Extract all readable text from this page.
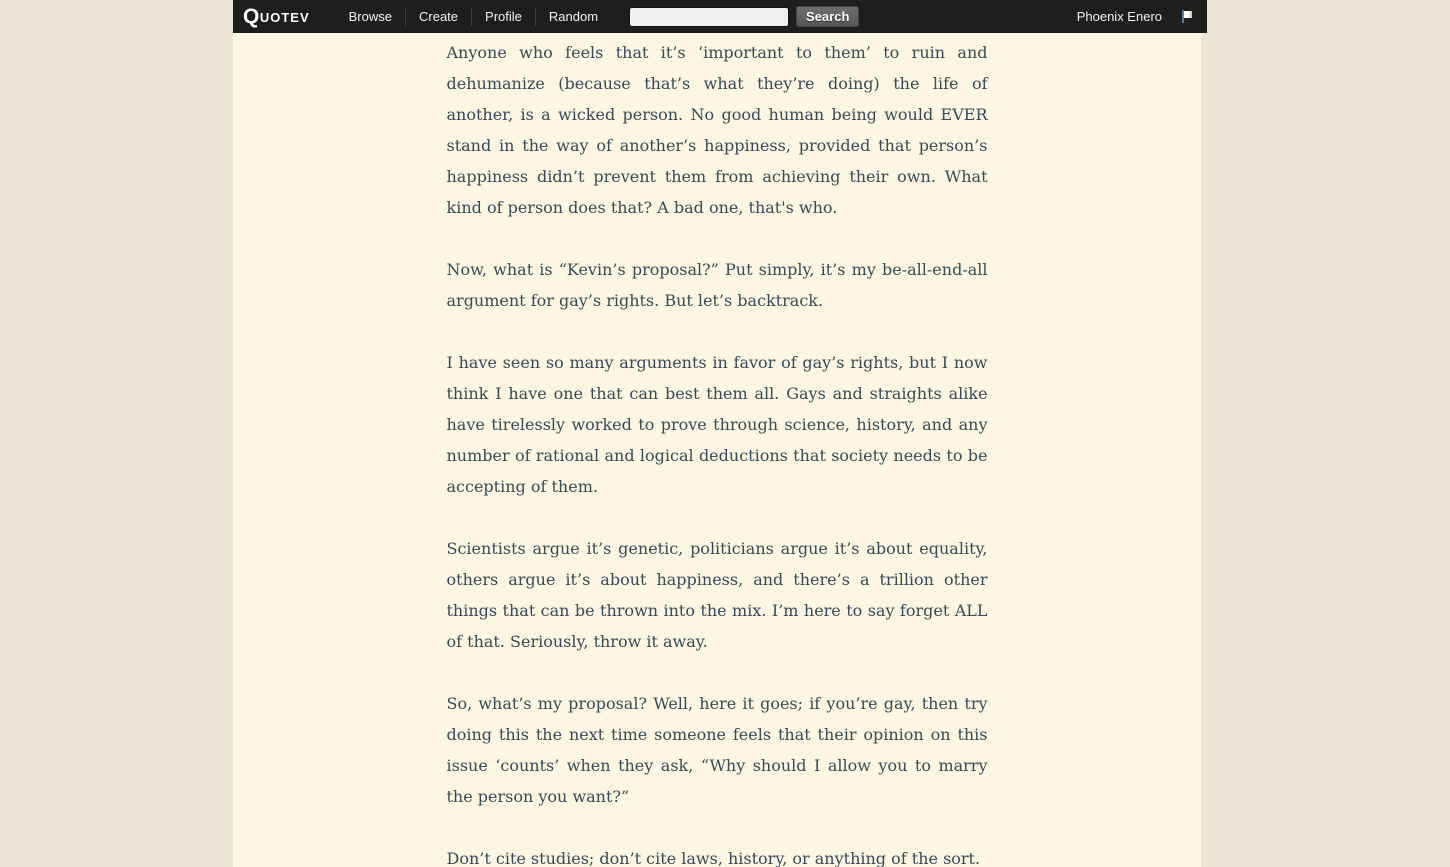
QUOTEV	Browse	Create	Profile	Random	Search	Phoenix Enero

Anyone who feels that it’s ‘important to them’ to ruin and dehumanize (because that’s what they’re doing) the life of another, is a wicked person. No good human being would EVER stand in the way of another’s happiness, provided that person’s happiness didn’t prevent them from achieving their own. What kind of person does that? A bad one, that's who.

Now, what is “Kevin’s proposal?” Put simply, it’s my be-all-end-all argument for gay’s rights. But let’s backtrack.

I have seen so many arguments in favor of gay’s rights, but I now think I have one that can best them all. Gays and straights alike have tirelessly worked to prove through science, history, and any number of rational and logical deductions that society needs to be accepting of them.

Scientists argue it’s genetic, politicians argue it’s about equality, others argue it’s about happiness, and there’s a trillion other things that can be thrown into the mix. I’m here to say forget ALL of that. Seriously, throw it away.

So, what’s my proposal? Well, here it goes; if you’re gay, then try doing this the next time someone feels that their opinion on this issue ‘counts’ when they ask, “Why should I allow you to marry the person you want?”

Don’t cite studies; don’t cite laws, history, or anything of the sort.
